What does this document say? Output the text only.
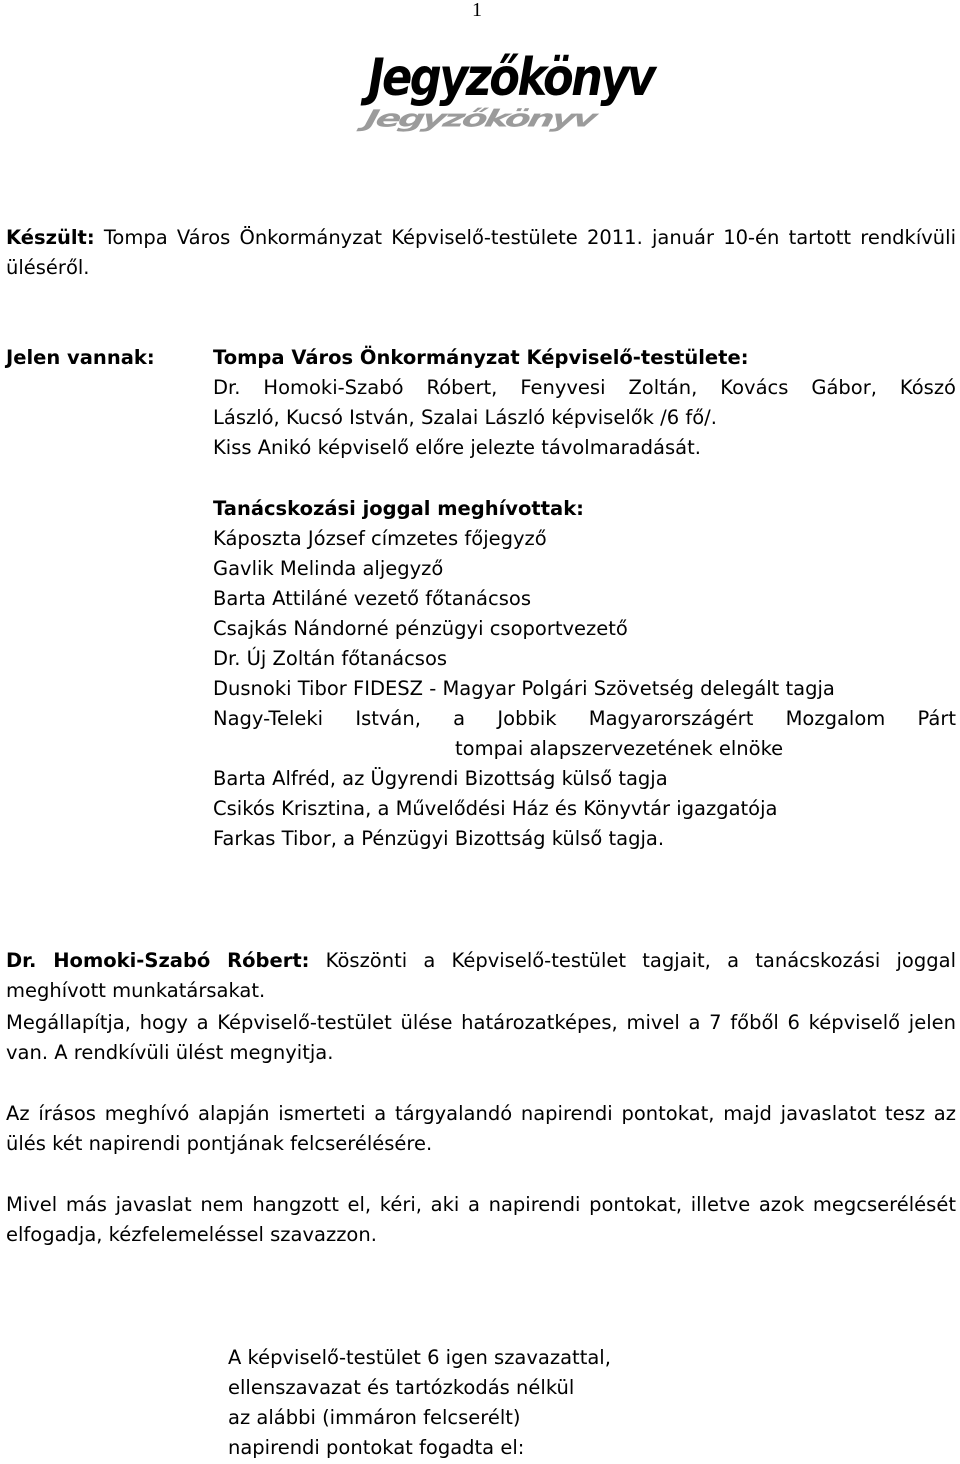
1
Jegyzőkönyv
Jegyzőkönyv
Készült: Tompa Város Önkormányzat Képviselő-testülete 2011. január 10-én tartott rendkívüli üléséről.
Jelen vannak:	Tompa Város Önkormányzat Képviselő-testülete:
Dr. Homoki-Szabó Róbert, Fenyvesi Zoltán, Kovács Gábor, Kószó
László, Kucsó István, Szalai László képviselők /6 fő/.
Kiss Anikó képviselő előre jelezte távolmaradását.
Tanácskozási joggal meghívottak:
Káposzta József címzetes főjegyző
Gavlik Melinda aljegyző
Barta Attiláné vezető főtanácsos
Csajkás Nándorné pénzügyi csoportvezető
Dr. Új Zoltán főtanácsos
Dusnoki Tibor FIDESZ - Magyar Polgári Szövetség delegált tagja
Nagy-Teleki István, a Jobbik Magyarországért Mozgalom Párt
tompai alapszervezetének elnöke
Barta Alfréd, az Ügyrendi Bizottság külső tagja
Csikós Krisztina, a Művelődési Ház és Könyvtár igazgatója
Farkas Tibor, a Pénzügyi Bizottság külső tagja.
Dr. Homoki-Szabó Róbert: Köszönti a Képviselő-testület tagjait, a tanácskozási joggal meghívott munkatársakat.
Megállapítja, hogy a Képviselő-testület ülése határozatképes, mivel a 7 főből 6 képviselő jelen van. A rendkívüli ülést megnyitja.
Az írásos meghívó alapján ismerteti a tárgyalandó napirendi pontokat, majd javaslatot tesz az ülés két napirendi pontjának felcserélésére.
Mivel más javaslat nem hangzott el, kéri, aki a napirendi pontokat, illetve azok megcserélését elfogadja, kézfelemeléssel szavazzon.
A képviselő-testület 6 igen szavazattal,
ellenszavazat és tartózkodás nélkül
az alábbi (immáron felcserélt)
napirendi pontokat fogadta el:
